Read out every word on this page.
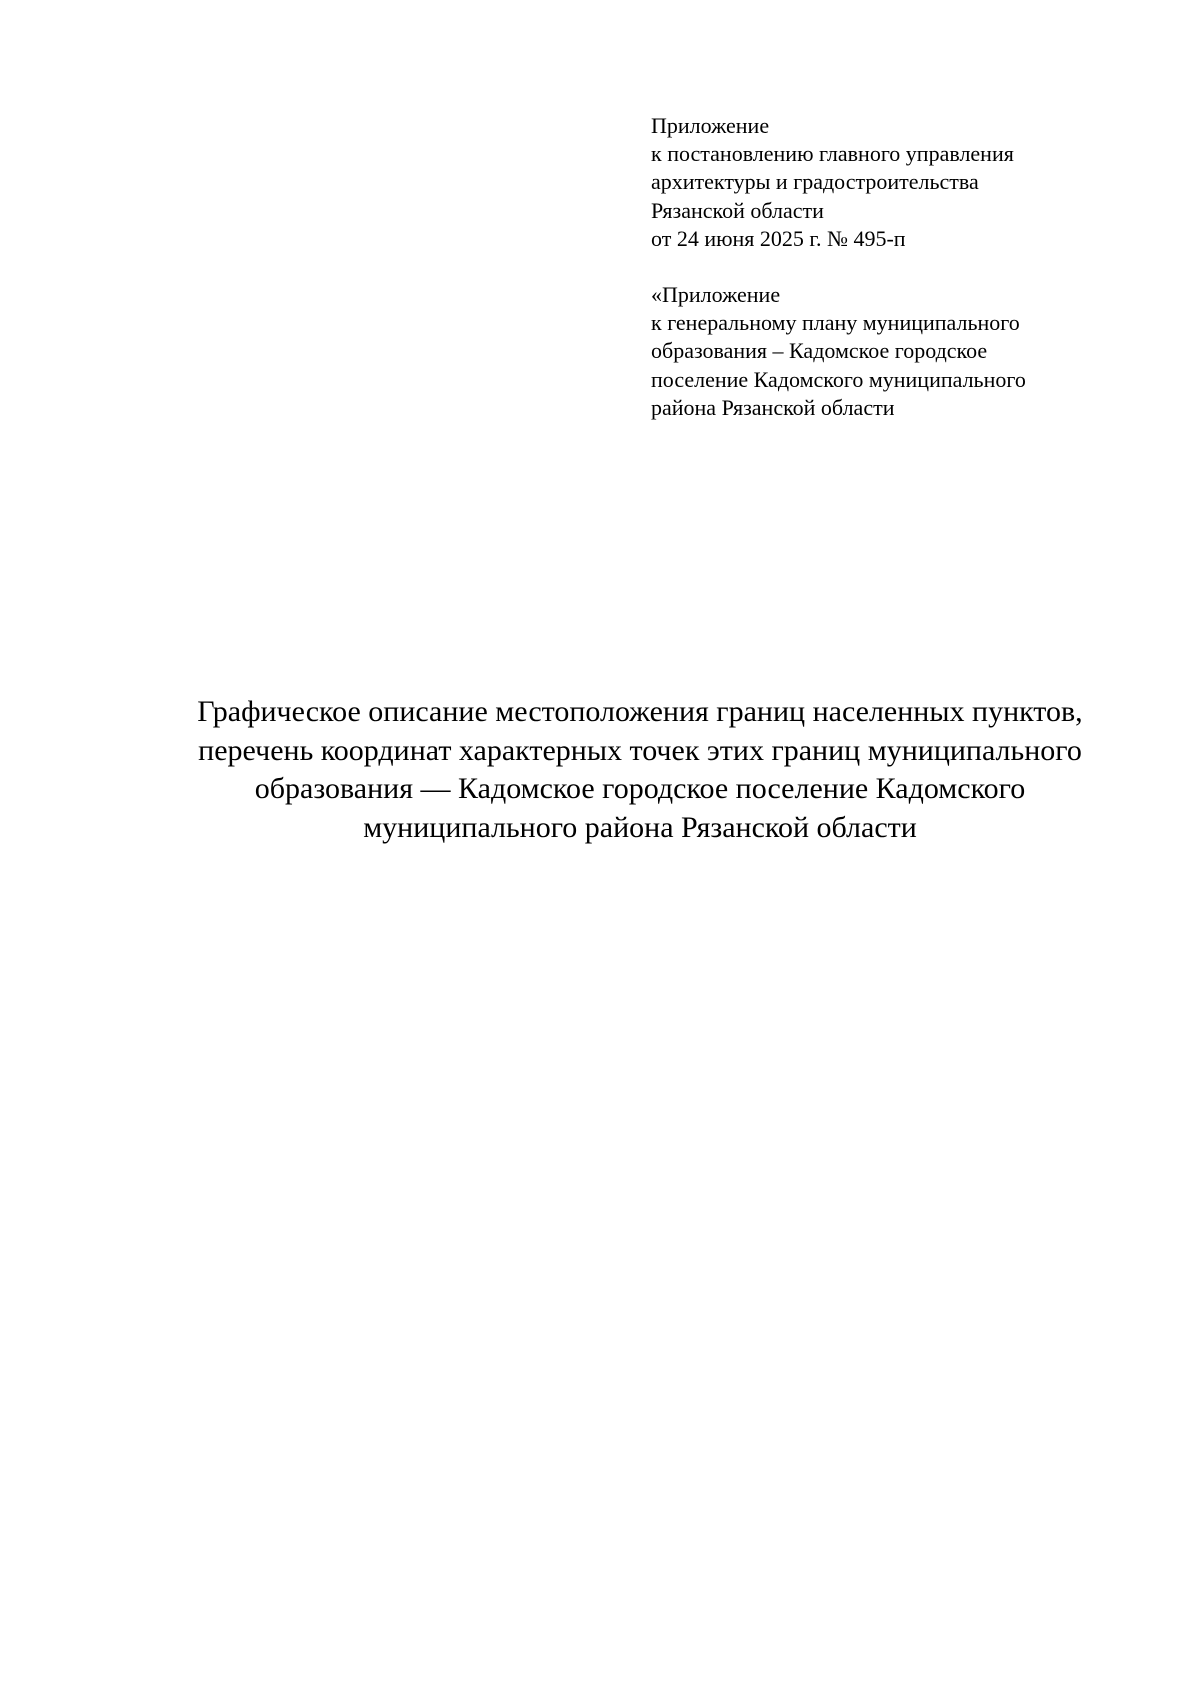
Приложение
к постановлению главного управления
архитектуры и градостроительства
Рязанской области
от 24 июня 2025 г. № 495-п
«Приложение
к генеральному плану муниципального
образования – Кадомское городское
поселение Кадомского муниципального
района Рязанской области
Графическое описание местоположения границ населенных пунктов,
перечень координат характерных точек этих границ муниципального
образования — Кадомское городское поселение Кадомского
муниципального района Рязанской области
